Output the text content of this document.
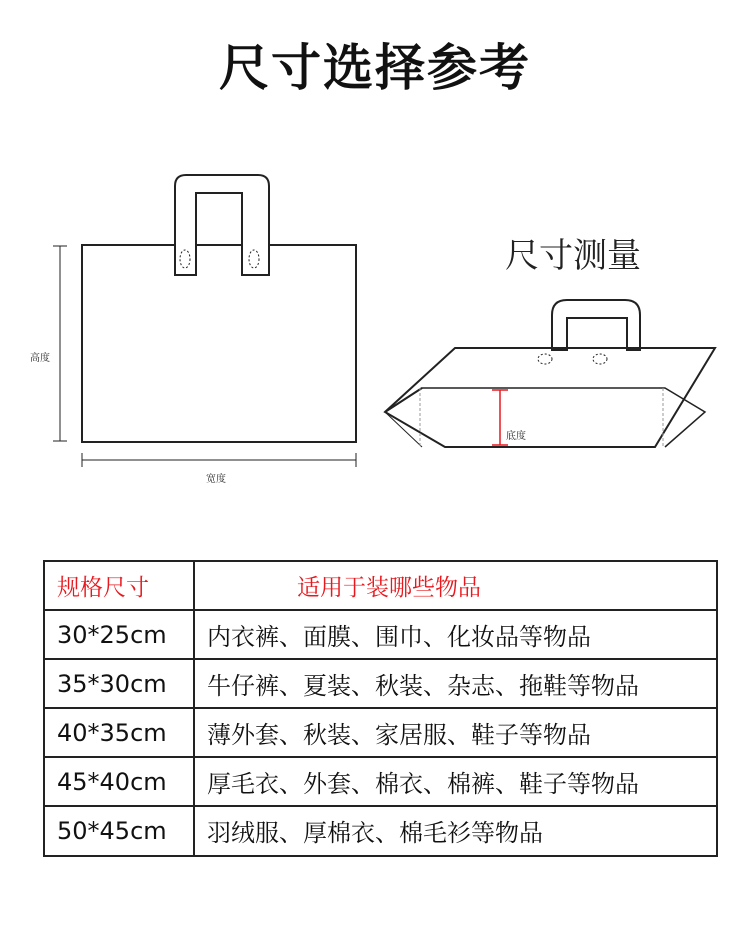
尺寸选择参考
高度
宽度
底度
尺寸测量
规格尺寸	适用于装哪些物品
30*25cm	内衣裤、面膜、围巾、化妆品等物品
35*30cm	牛仔裤、夏装、秋装、杂志、拖鞋等物品
40*35cm	薄外套、秋装、家居服、鞋子等物品
45*40cm	厚毛衣、外套、棉衣、棉裤、鞋子等物品
50*45cm	羽绒服、厚棉衣、棉毛衫等物品
